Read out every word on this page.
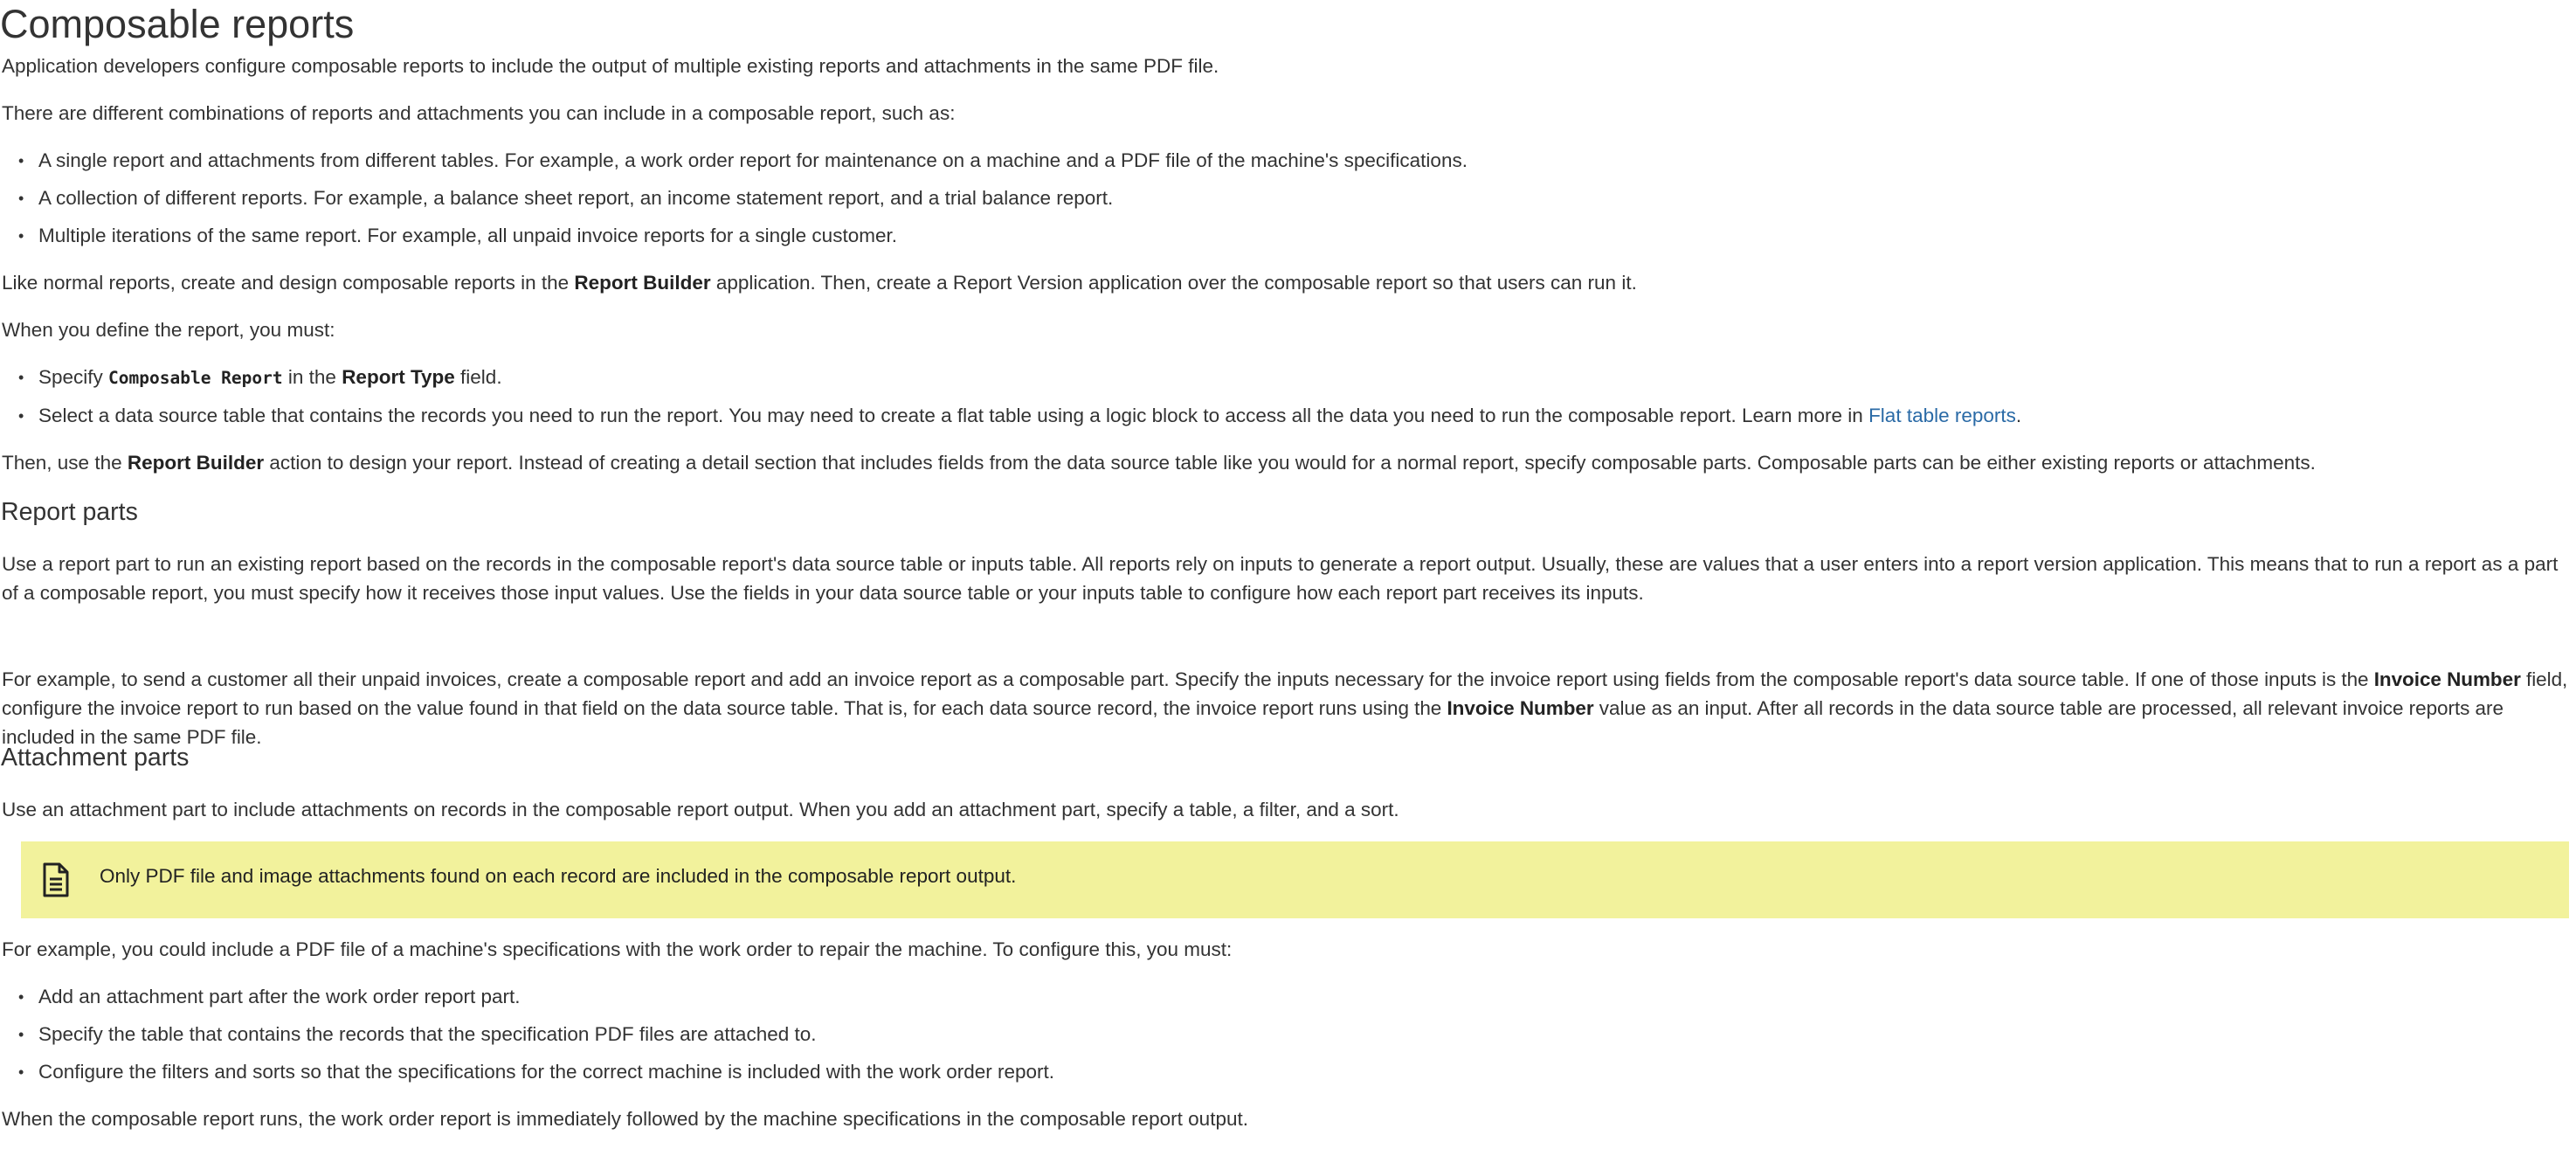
Composable reports

Application developers configure composable reports to include the output of multiple existing reports and attachments in the same PDF file.

There are different combinations of reports and attachments you can include in a composable report, such as:

• A single report and attachments from different tables. For example, a work order report for maintenance on a machine and a PDF file of the machine's specifications.
• A collection of different reports. For example, a balance sheet report, an income statement report, and a trial balance report.
• Multiple iterations of the same report. For example, all unpaid invoice reports for a single customer.

Like normal reports, create and design composable reports in the Report Builder application. Then, create a Report Version application over the composable report so that users can run it.

When you define the report, you must:

• Specify Composable Report in the Report Type field.
• Select a data source table that contains the records you need to run the report. You may need to create a flat table using a logic block to access all the data you need to run the composable report. Learn more in Flat table reports.

Then, use the Report Builder action to design your report. Instead of creating a detail section that includes fields from the data source table like you would for a normal report, specify composable parts. Composable parts can be either existing reports or attachments.

Report parts

Use a report part to run an existing report based on the records in the composable report's data source table or inputs table. All reports rely on inputs to generate a report output. Usually, these are values that a user enters into a report version application. This means that to run a report as a part of a composable report, you must specify how it receives those input values. Use the fields in your data source table or your inputs table to configure how each report part receives its inputs.

For example, to send a customer all their unpaid invoices, create a composable report and add an invoice report as a composable part. Specify the inputs necessary for the invoice report using fields from the composable report's data source table. If one of those inputs is the Invoice Number field, configure the invoice report to run based on the value found in that field on the data source table. That is, for each data source record, the invoice report runs using the Invoice Number value as an input. After all records in the data source table are processed, all relevant invoice reports are included in the same PDF file.

Attachment parts

Use an attachment part to include attachments on records in the composable report output. When you add an attachment part, specify a table, a filter, and a sort.

Only PDF file and image attachments found on each record are included in the composable report output.

For example, you could include a PDF file of a machine's specifications with the work order to repair the machine. To configure this, you must:

• Add an attachment part after the work order report part.
• Specify the table that contains the records that the specification PDF files are attached to.
• Configure the filters and sorts so that the specifications for the correct machine is included with the work order report.

When the composable report runs, the work order report is immediately followed by the machine specifications in the composable report output.
